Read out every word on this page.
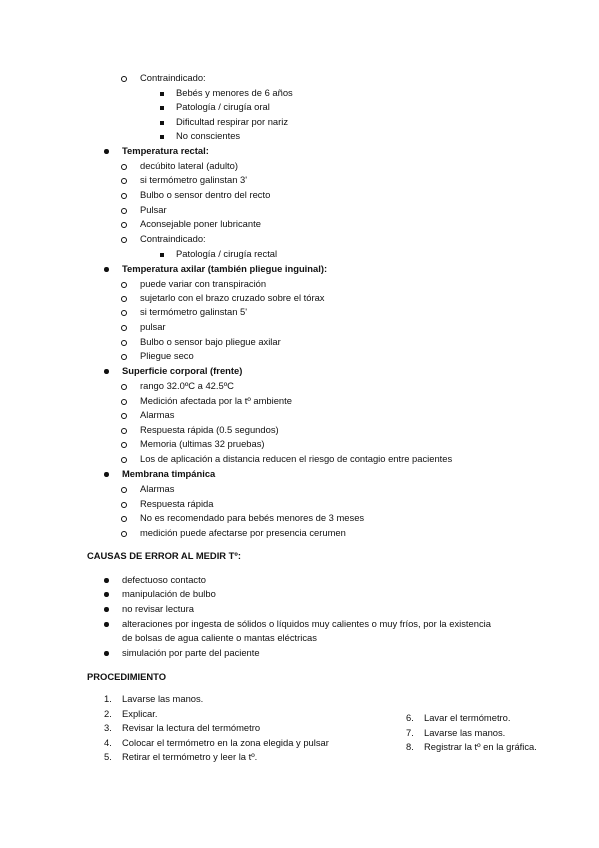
Contraindicado:
Bebés y menores de 6 años
Patología / cirugía oral
Dificultad respirar por nariz
No conscientes
Temperatura rectal:
decúbito lateral (adulto)
si termómetro galinstan 3'
Bulbo o sensor dentro del recto
Pulsar
Aconsejable poner lubricante
Contraindicado:
Patología / cirugía rectal
Temperatura axilar (también pliegue inguinal):
puede variar con transpiración
sujetarlo con el brazo cruzado sobre el tórax
si termómetro galinstan 5'
pulsar
Bulbo o sensor bajo pliegue axilar
Pliegue seco
Superficie corporal (frente)
rango 32.0ºC a 42.5ºC
Medición afectada por la tº ambiente
Alarmas
Respuesta rápida (0.5 segundos)
Memoria (ultimas 32 pruebas)
Los de aplicación a distancia reducen el riesgo de contagio entre pacientes
Membrana timpánica
Alarmas
Respuesta rápida
No es recomendado para bebés menores de 3 meses
medición puede afectarse por presencia cerumen
CAUSAS DE ERROR AL MEDIR Tº:
defectuoso contacto
manipulación de bulbo
no revisar lectura
alteraciones por ingesta de sólidos o líquidos muy calientes o muy fríos, por la existencia
de bolsas de agua caliente o mantas eléctricas
simulación por parte del paciente
PROCEDIMIENTO
1. Lavarse las manos.
2. Explicar.
3. Revisar la lectura del termómetro
4. Colocar el termómetro en la zona elegida y pulsar
5. Retirar el termómetro y leer la tº.
6. Lavar el termómetro.
7. Lavarse las manos.
8. Registrar la tº en la gráfica.
